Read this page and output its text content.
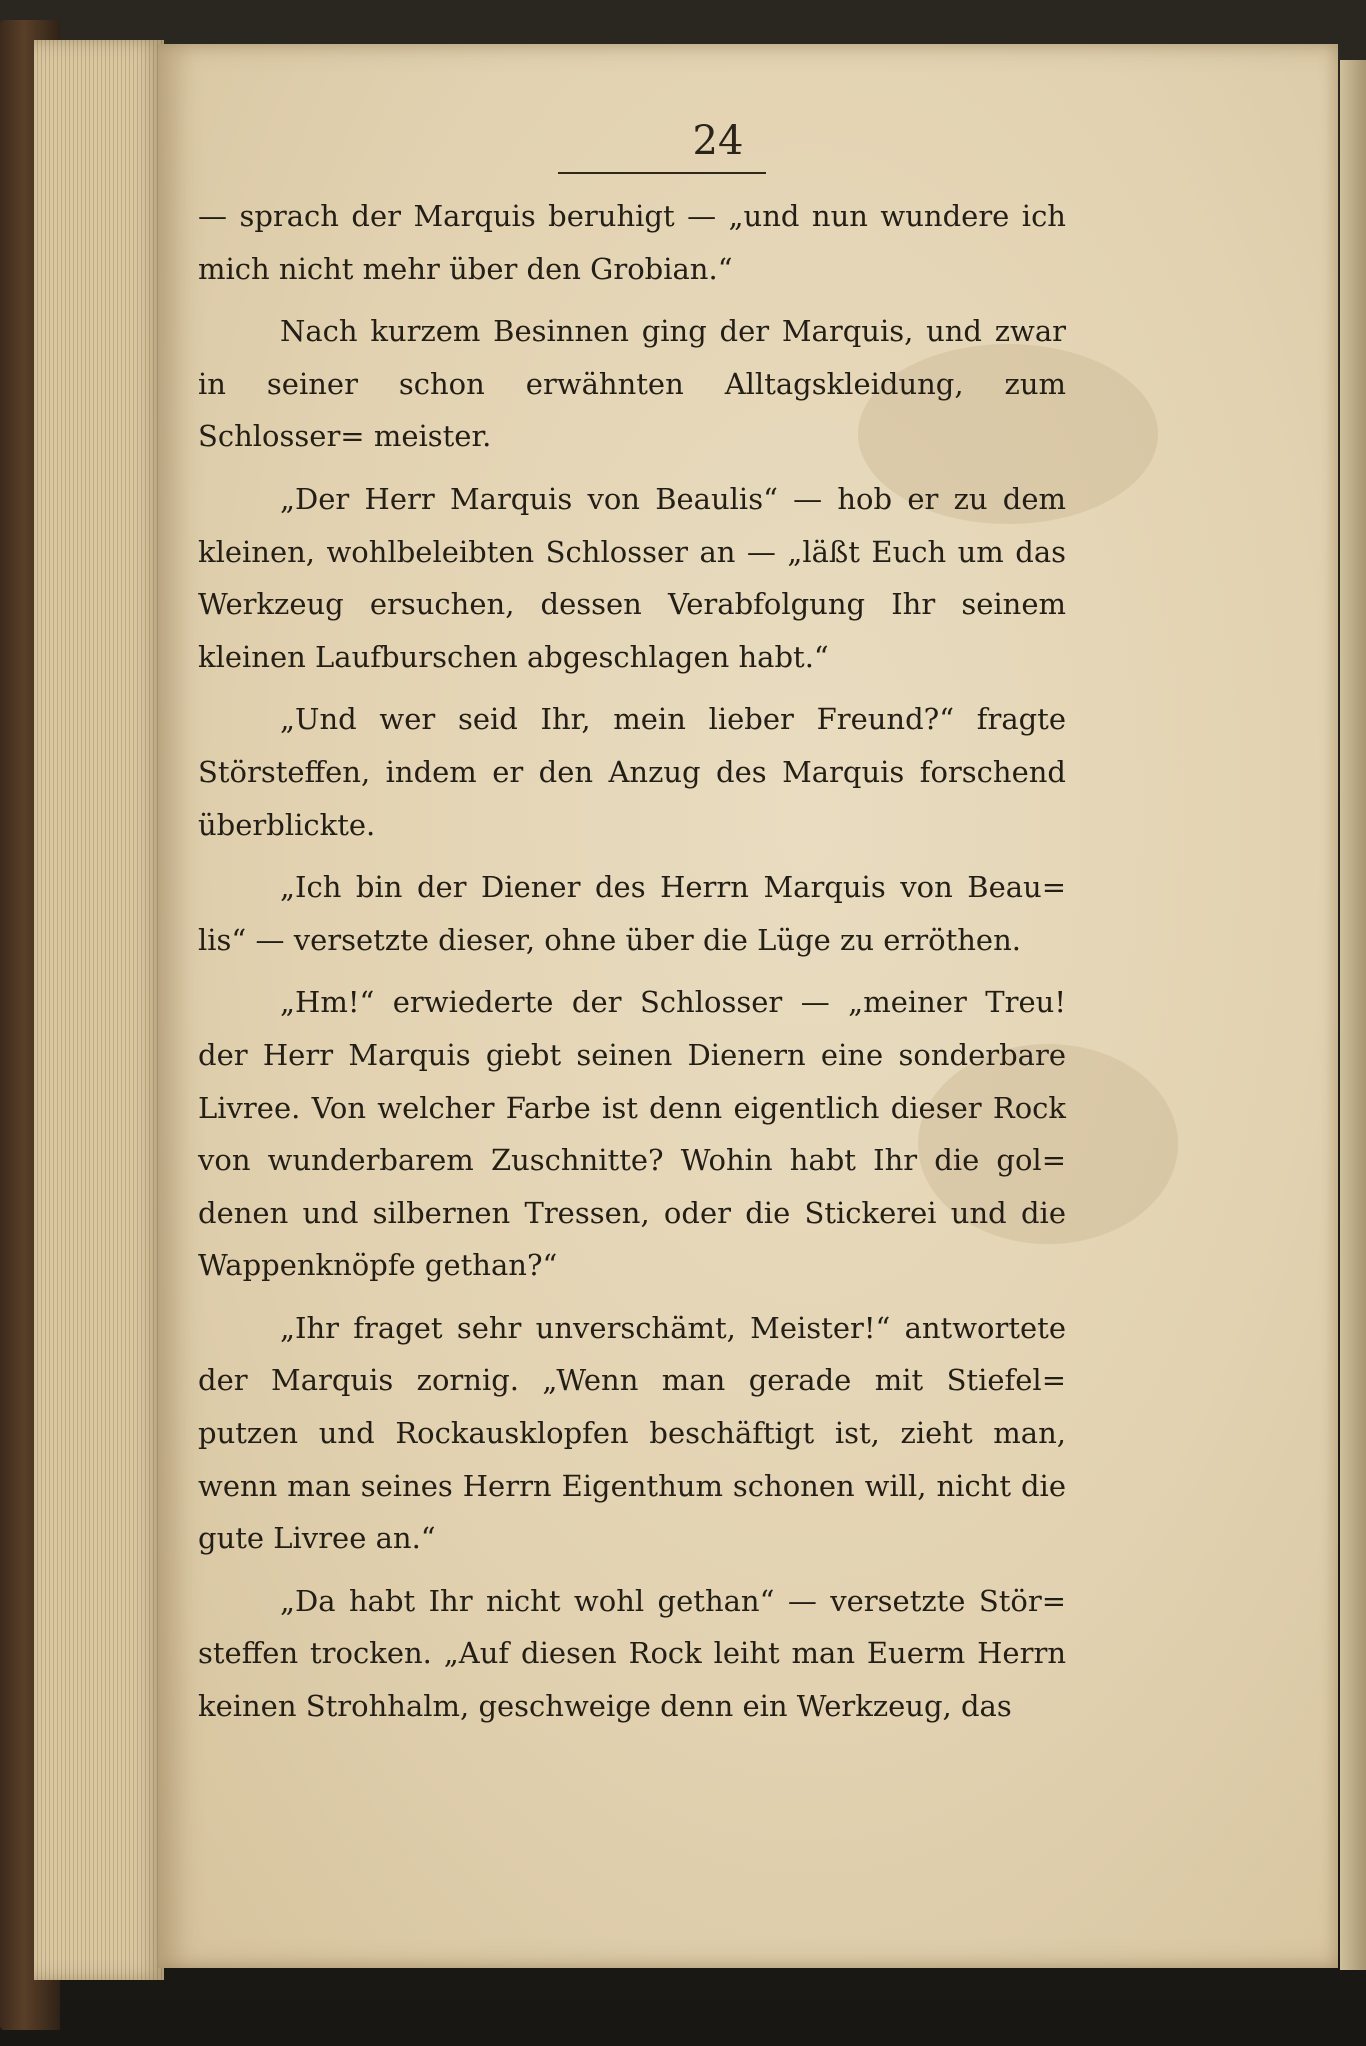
24

— sprach der Marquis beruhigt — „und nun wundere ich mich nicht mehr über den Grobian.“

Nach kurzem Besinnen ging der Marquis, und zwar in seiner schon erwähnten Alltagskleidung, zum Schlosser= meister.

„Der Herr Marquis von Beaulis“ — hob er zu dem kleinen, wohlbeleibten Schlosser an — „läßt Euch um das Werkzeug ersuchen, dessen Verabfolgung Ihr seinem kleinen Laufburschen abgeschlagen habt.“

„Und wer seid Ihr, mein lieber Freund?“ fragte Störsteffen, indem er den Anzug des Marquis forschend überblickte.

„Ich bin der Diener des Herrn Marquis von Beau= lis“ — versetzte dieser, ohne über die Lüge zu erröthen.

„Hm!“ erwiederte der Schlosser — „meiner Treu! der Herr Marquis giebt seinen Dienern eine sonderbare Livree. Von welcher Farbe ist denn eigentlich dieser Rock von wunderbarem Zuschnitte? Wohin habt Ihr die gol= denen und silbernen Tressen, oder die Stickerei und die Wappenknöpfe gethan?“

„Ihr fraget sehr unverschämt, Meister!“ antwortete der Marquis zornig. „Wenn man gerade mit Stiefel= putzen und Rockausklopfen beschäftigt ist, zieht man, wenn man seines Herrn Eigenthum schonen will, nicht die gute Livree an.“

„Da habt Ihr nicht wohl gethan“ — versetzte Stör= steffen trocken. „Auf diesen Rock leiht man Euerm Herrn keinen Strohhalm, geschweige denn ein Werkzeug, das
